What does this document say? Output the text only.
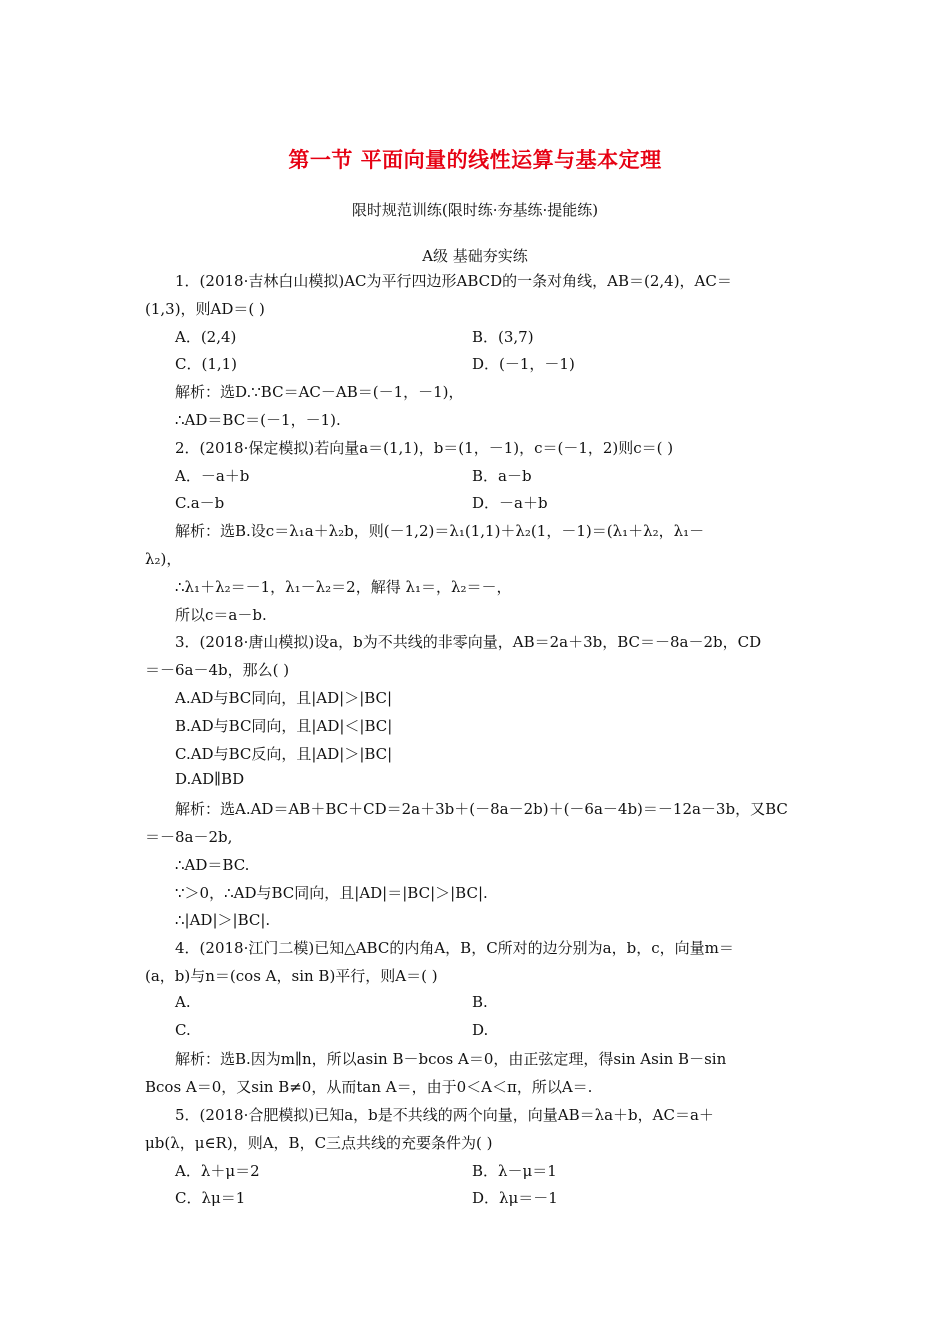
第一节 平面向量的线性运算与基本定理
限时规范训练(限时练·夯基练·提能练)
A级 基础夯实练
1．(2018·吉林白山模拟)AC为平行四边形ABCD的一条对角线，AB＝(2,4)，AC＝
(1,3)，则AD＝( )
A．(2,4)	B．(3,7)
C．(1,1)	D．(－1，－1)
解析：选D.∵BC＝AC－AB＝(－1，－1)，
∴AD＝BC＝(－1，－1).
2．(2018·保定模拟)若向量a＝(1,1)，b＝(1，－1)，c＝(－1，2)则c＝( )
A．－a＋b	B．a－b
C.a－b	D．－a＋b
解析：选B.设c＝λ₁a＋λ₂b，则(－1,2)＝λ₁(1,1)＋λ₂(1，－1)＝(λ₁＋λ₂，λ₁－
λ₂)，
∴λ₁＋λ₂＝－1，λ₁－λ₂＝2，解得 λ₁＝，λ₂＝－，
所以c＝a－b.
3．(2018·唐山模拟)设a，b为不共线的非零向量，AB＝2a＋3b，BC＝－8a－2b，CD
＝－6a－4b，那么( )
A.AD与BC同向，且|AD|＞|BC|
B.AD与BC同向，且|AD|＜|BC|
C.AD与BC反向，且|AD|＞|BC|
D.AD∥BD
解析：选A.AD＝AB＋BC＋CD＝2a＋3b＋(－8a－2b)＋(－6a－4b)＝－12a－3b，又BC
＝－8a－2b,
∴AD＝BC.
∵＞0，∴AD与BC同向，且|AD|＝|BC|＞|BC|.
∴|AD|＞|BC|.
4．(2018·江门二模)已知△ABC的内角A，B，C所对的边分别为a，b，c，向量m＝
(a，b)与n＝(cos A，sin B)平行，则A＝( )
A.	B.
C.	D.
解析：选B.因为m∥n，所以asin B－bcos A＝0，由正弦定理，得sin Asin B－sin
Bcos A＝0，又sin B≠0，从而tan A＝，由于0＜A＜π，所以A＝.
5．(2018·合肥模拟)已知a，b是不共线的两个向量，向量AB＝λa＋b，AC＝a＋
μb(λ，μ∈R)，则A，B，C三点共线的充要条件为( )
A．λ＋μ＝2	B．λ－μ＝1
C．λμ＝1	D．λμ＝－1
